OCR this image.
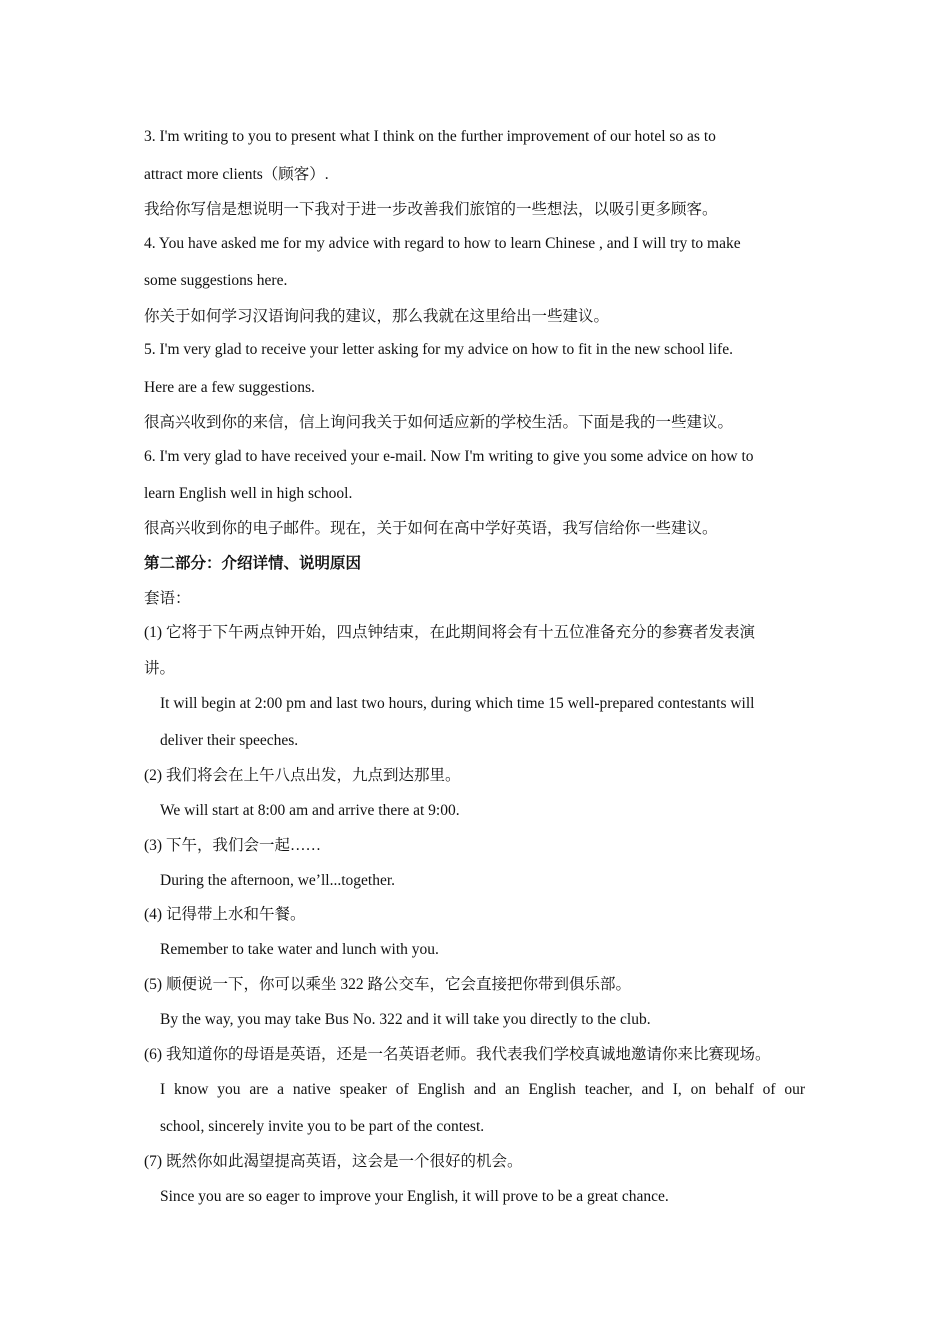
3. I'm writing to you to present what I think on the further improvement of our hotel so as to
attract more clients（顾客）.
我给你写信是想说明一下我对于进一步改善我们旅馆的一些想法，以吸引更多顾客。
4. You have asked me for my advice with regard to how to learn Chinese , and I will try to make
some suggestions here.
你关于如何学习汉语询问我的建议，那么我就在这里给出一些建议。
5. I'm very glad to receive your letter asking for my advice on how to fit in the new school life.
Here are a few suggestions.
很高兴收到你的来信，信上询问我关于如何适应新的学校生活。下面是我的一些建议。
6. I'm very glad to have received your e-mail. Now I'm writing to give you some advice on how to
learn English well in high school.
很高兴收到你的电子邮件。现在，关于如何在高中学好英语，我写信给你一些建议。
第二部分：介绍详情、说明原因
套语：
(1) 它将于下午两点钟开始，四点钟结束，在此期间将会有十五位准备充分的参赛者发表演
讲。
It will begin at 2:00 pm and last two hours, during which time 15 well-prepared contestants will
deliver their speeches.
(2) 我们将会在上午八点出发，九点到达那里。
We will start at 8:00 am and arrive there at 9:00.
(3) 下午，我们会一起……
During the afternoon, we’ll...together.
(4) 记得带上水和午餐。
Remember to take water and lunch with you.
(5) 顺便说一下，你可以乘坐 322 路公交车，它会直接把你带到俱乐部。
By the way, you may take Bus No. 322 and it will take you directly to the club.
(6) 我知道你的母语是英语，还是一名英语老师。我代表我们学校真诚地邀请你来比赛现场。
I know you are a native speaker of English and an English teacher, and I, on behalf of our
school, sincerely invite you to be part of the contest.
(7) 既然你如此渴望提高英语，这会是一个很好的机会。
Since you are so eager to improve your English, it will prove to be a great chance.
